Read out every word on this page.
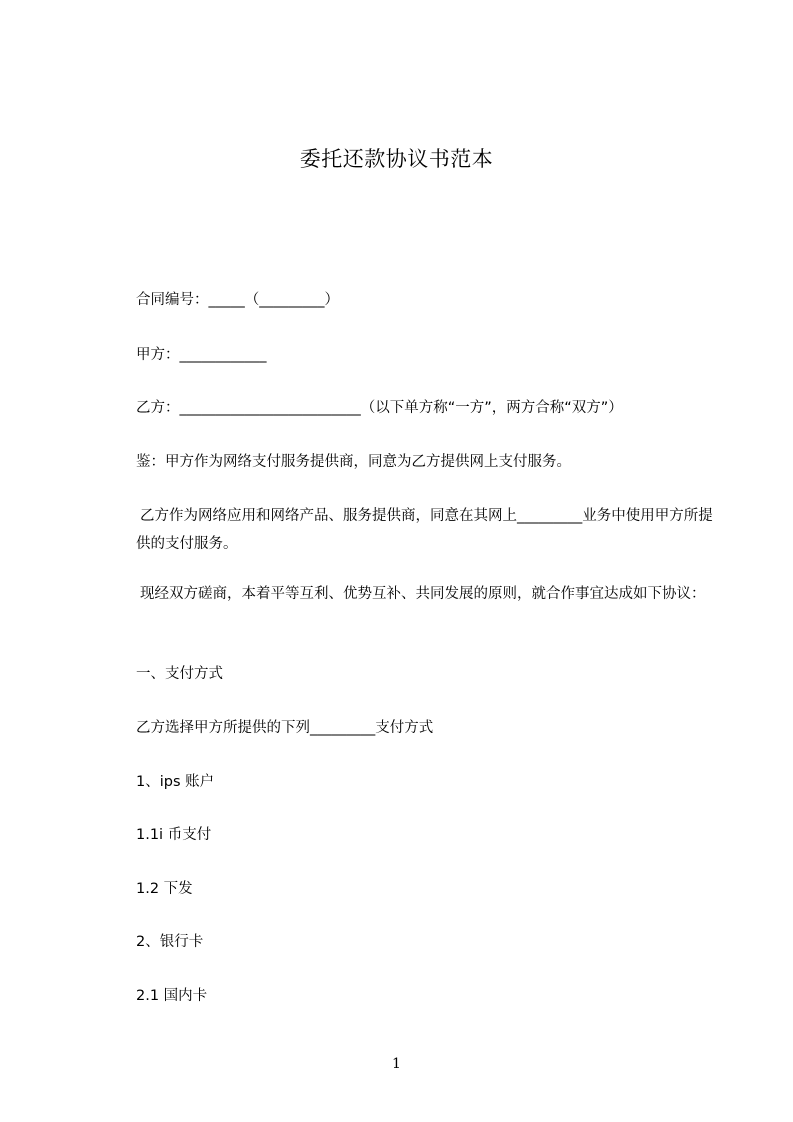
委托还款协议书范本
合同编号：_____（_________）
甲方：____________
乙方：_________________________（以下单方称“一方”，两方合称“双方”）
鉴：甲方作为网络支付服务提供商，同意为乙方提供网上支付服务。
乙方作为网络应用和网络产品、服务提供商，同意在其网上_________业务中使用甲方所提供的支付服务。
现经双方磋商，本着平等互利、优势互补、共同发展的原则，就合作事宜达成如下协议：
一、支付方式
乙方选择甲方所提供的下列_________支付方式
1、ips 账户
1.1i 币支付
1.2 下发
2、银行卡
2.1 国内卡
1
